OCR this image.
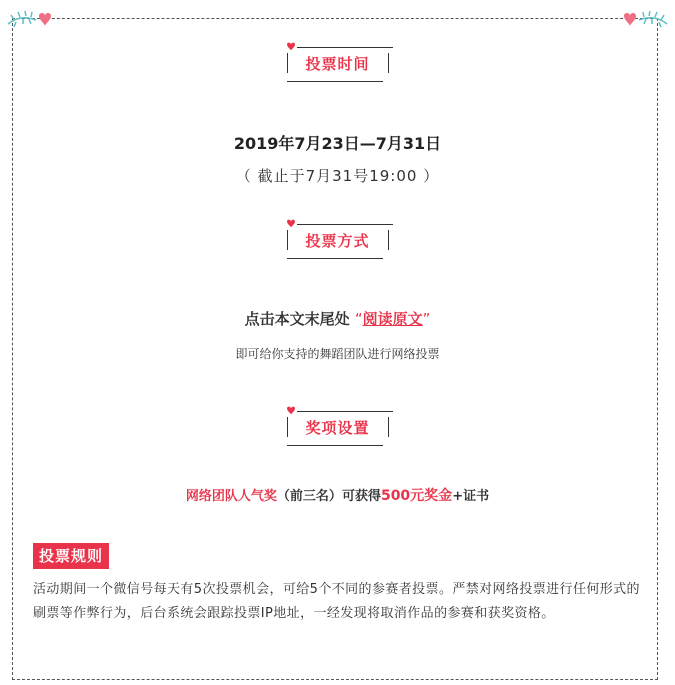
投票时间
2019年7月23日—7月31日
（ 截止于7月31号19:00 ）
投票方式
点击本文末尾处 “阅读原文”
即可给你支持的舞蹈团队进行网络投票
奖项设置
网络团队人气奖（前三名）可获得500元奖金+证书
投票规则
活动期间一个微信号每天有5次投票机会，可给5个不同的参赛者投票。严禁对网络投票进行任何形式的刷票等作弊行为，后台系统会跟踪投票IP地址，一经发现将取消作品的参赛和获奖资格。
